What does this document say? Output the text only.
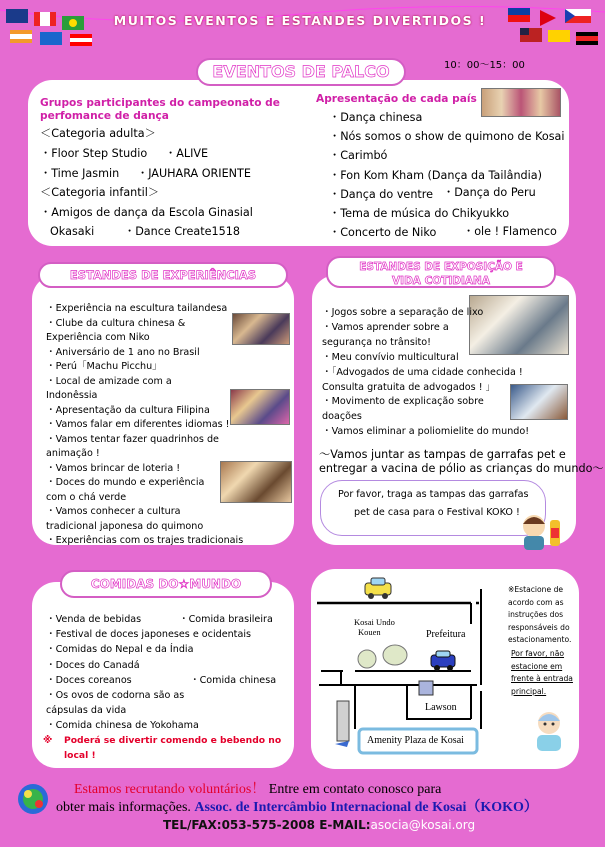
MUITOS EVENTOS E ESTANDES DIVERTIDOS !
EVENTOS DE PALCO	10：00～15：00
Grupos participantes do campeonato de perfomance de dança
＜Categoria adulta＞
・Floor Step Studio ・ALIVE
・Time Jasmin ・JAUHARA ORIENTE
＜Categoria infantil＞
・Amigos de dança da Escola Ginasial
Okasaki	・Dance Create1518
Apresentação de cada país
・Dança chinesa
・Nós somos o show de quimono de Kosai
・Carimbó
・Fon Kom Kham (Dança da Tailândia)
・Dança do ventre
・Tema de música do Chikyukko
・Concerto de Niko
・Dança do Peru
・ole ! Flamenco
ESTANDES DE EXPERIÊNCIAS
・Experiência na escultura tailandesa
・Clube da cultura chinesa &
Experiência com Niko
・Aniversário de 1 ano no Brasil
・Perú「Machu Picchu」
・Local de amizade com a
Indonêssia
・Apresentação da cultura Filipina
・Vamos falar em diferentes idiomas !
・Vamos tentar fazer quadrinhos de
animação !
・Vamos brincar de loteria !
・Doces do mundo e experiência
com o chá verde
・Vamos conhecer a cultura
tradicional japonesa do quimono
・Experiências com os trajes tradicionais
ESTANDES DE EXPOSIÇÃO E
VIDA COTIDIANA
・Jogos sobre a separação de lixo
・Vamos aprender sobre a
segurança no trânsito!
・Meu convívio multicultural
・「Advogados de uma cidade conhecida !
Consulta gratuita de advogados ! 」
・Movimento de explicação sobre
doações
・Vamos eliminar a poliomielite do mundo!
～Vamos juntar as tampas de garrafas pet e
entregar a vacina de pólio as crianças do mundo～
Por favor, traga as tampas das garrafas
pet de casa para o Festival KOKO !
COMIDAS DO☆MUNDO
・Venda de bebidas
・Festival de doces japoneses e ocidentais
・Comidas do Nepal e da Índia
・Doces do Canadá
・Doces coreanos
・Os ovos de codorna são as
cápsulas da vida
・Comida chinesa de Yokohama
・Comida brasileira
・Comida chinesa
※ Poderá se divertir comendo e bebendo no
local !
Kosai Undo
Kouen	Prefeitura
Lawson
Amenity Plaza de Kosai
※Estacione de
acordo com as
instruções dos
responsáveis do
estacionamento.
Por favor, não
estacione em
frente à entrada
principal.
Estamos recrutando voluntários！ Entre em contato conosco para
obter mais informações. Assoc. de Intercâmbio Internacional de Kosai（KOKO）
TEL/FAX:053-575-2008 E-MAIL:asocia@kosai.org
